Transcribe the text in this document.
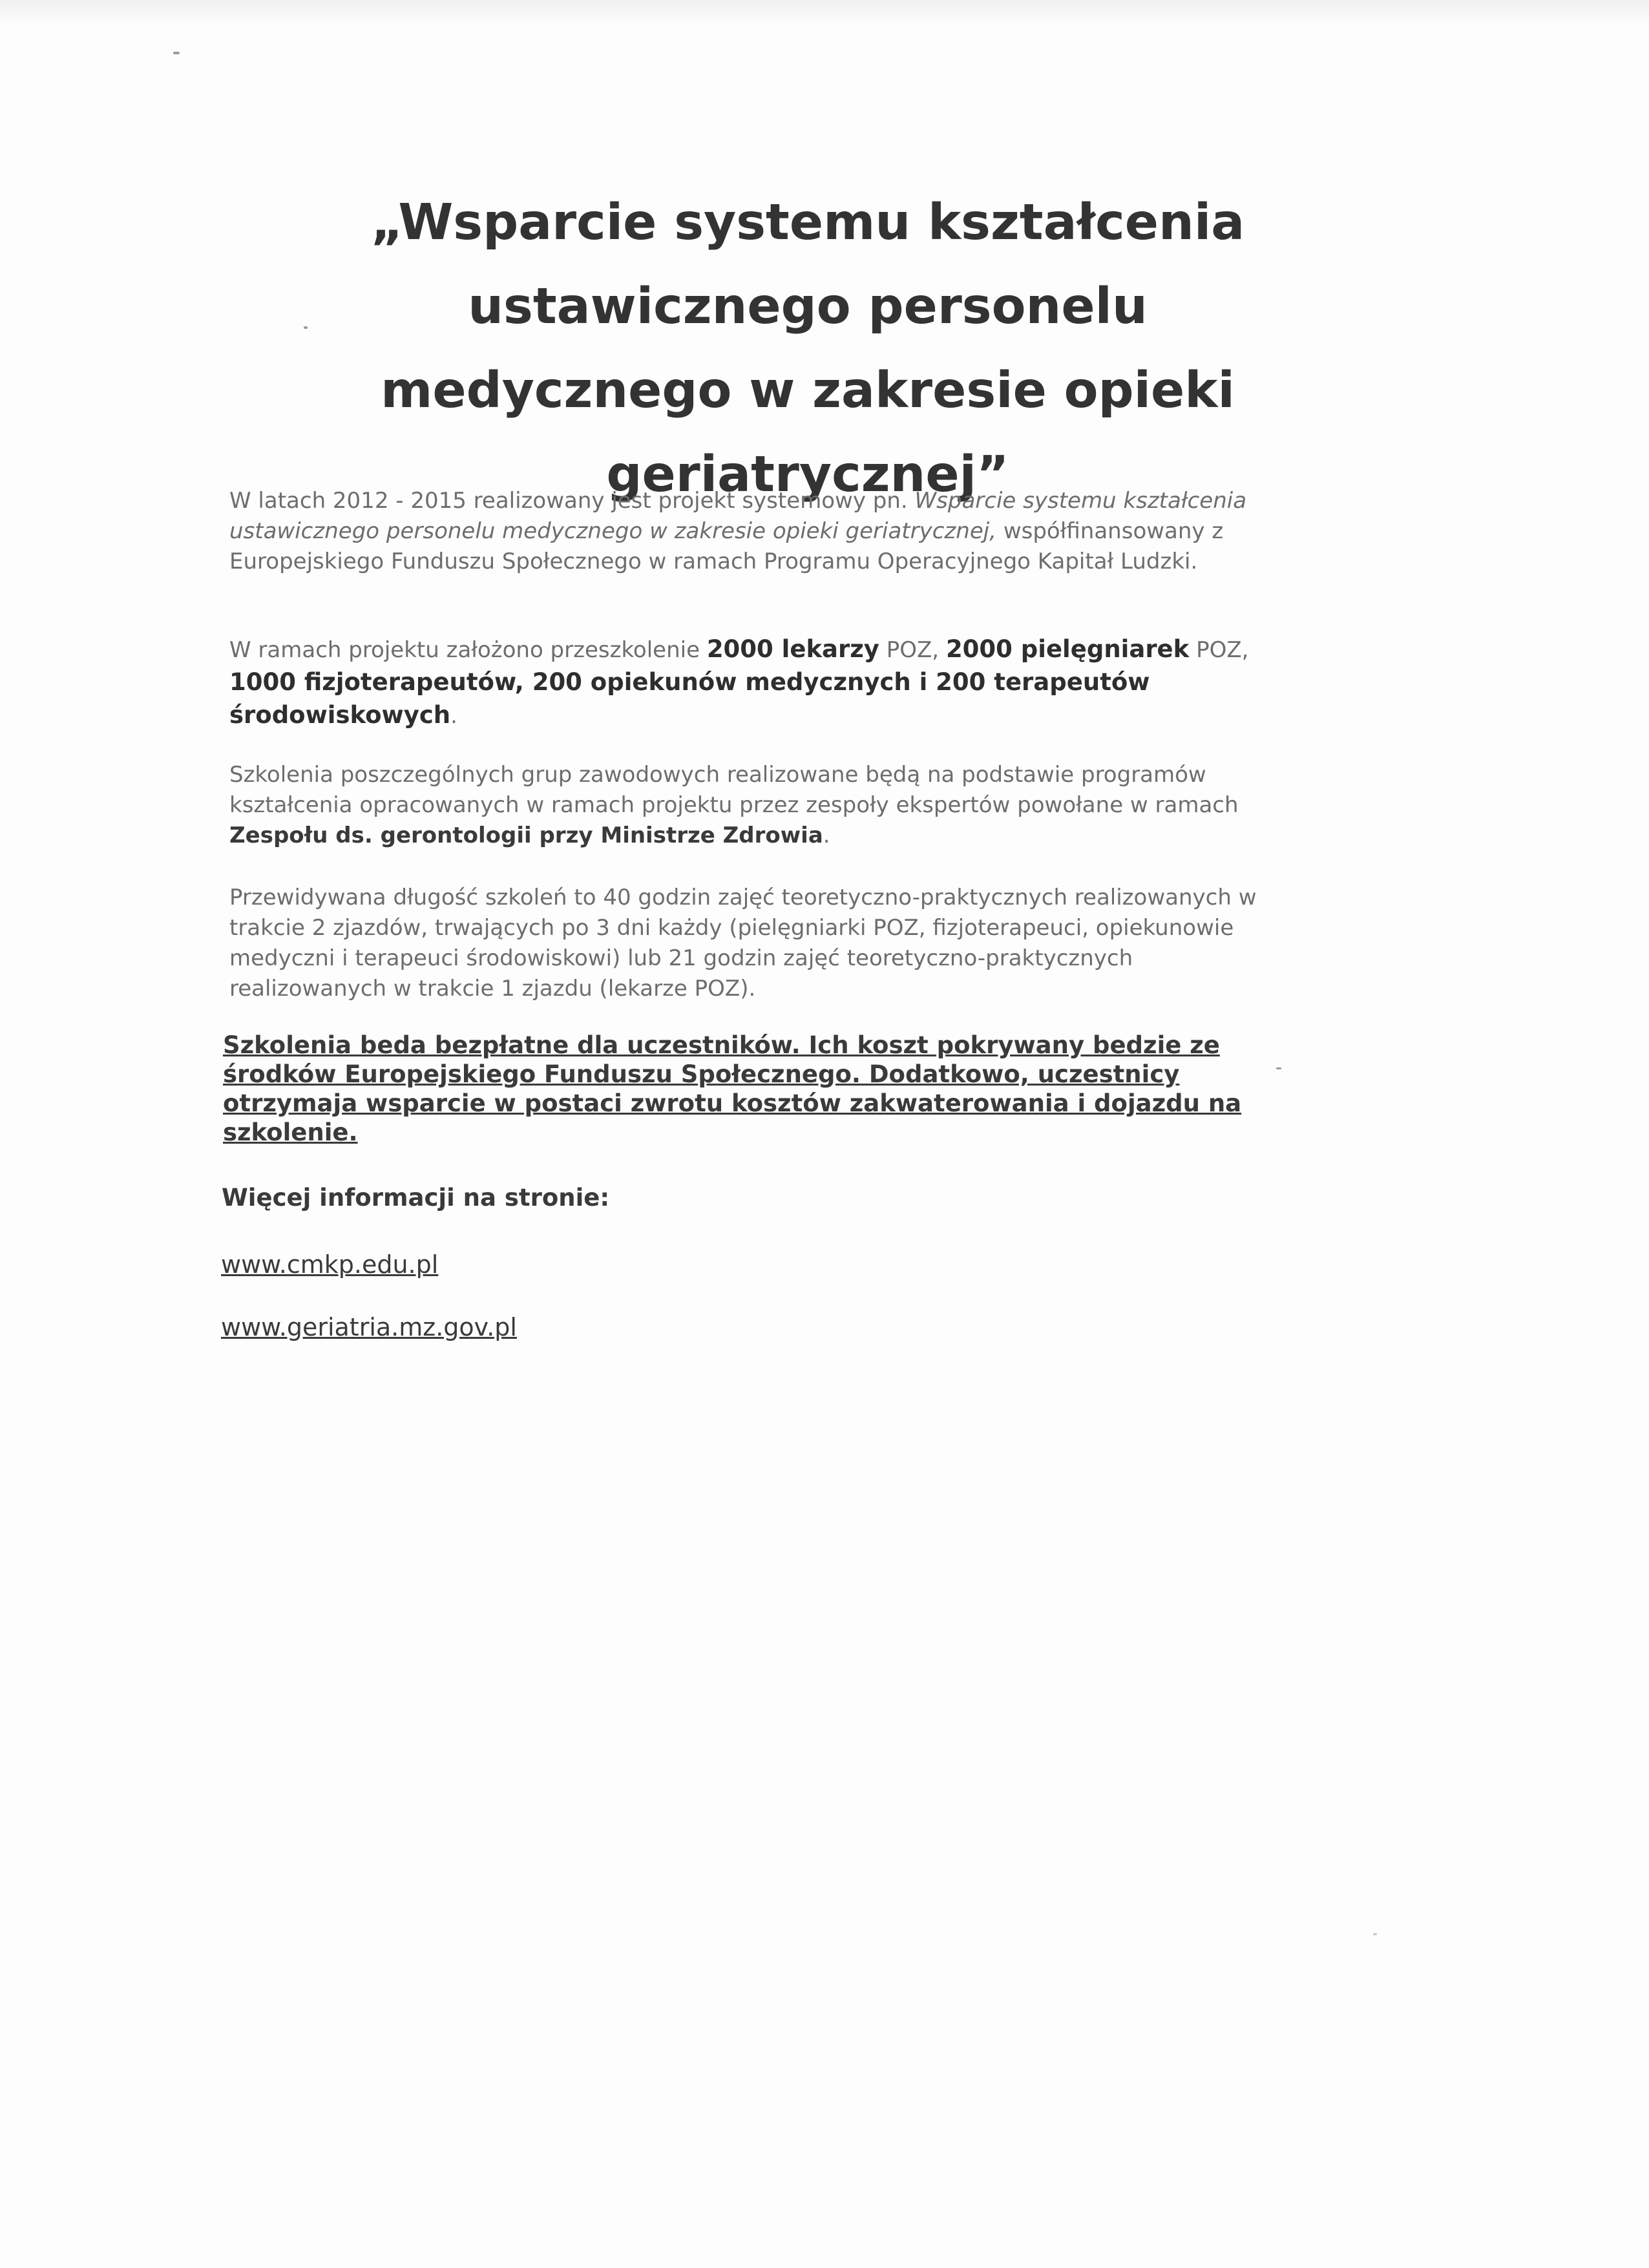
„Wsparcie systemu kształcenia
ustawicznego personelu
medycznego w zakresie opieki
geriatrycznej”

W latach 2012 - 2015 realizowany jest projekt systemowy pn. Wsparcie systemu kształcenia ustawicznego personelu medycznego w zakresie opieki geriatrycznej, współfinansowany z Europejskiego Funduszu Społecznego w ramach Programu Operacyjnego Kapitał Ludzki.

W ramach projektu założono przeszkolenie 2000 lekarzy POZ, 2000 pielęgniarek POZ, 1000 fizjoterapeutów, 200 opiekunów medycznych i 200 terapeutów środowiskowych.

Szkolenia poszczególnych grup zawodowych realizowane będą na podstawie programów kształcenia opracowanych w ramach projektu przez zespoły ekspertów powołane w ramach Zespołu ds. gerontologii przy Ministrze Zdrowia.

Przewidywana długość szkoleń to 40 godzin zajęć teoretyczno-praktycznych realizowanych w trakcie 2 zjazdów, trwających po 3 dni każdy (pielęgniarki POZ, fizjoterapeuci, opiekunowie medyczni i terapeuci środowiskowi) lub 21 godzin zajęć teoretyczno-praktycznych realizowanych w trakcie 1 zjazdu (lekarze POZ).

Szkolenia beda bezpłatne dla uczestników. Ich koszt pokrywany bedzie ze środków Europejskiego Funduszu Społecznego. Dodatkowo, uczestnicy otrzymaja wsparcie w postaci zwrotu kosztów zakwaterowania i dojazdu na szkolenie.

Więcej informacji na stronie:

www.cmkp.edu.pl

www.geriatria.mz.gov.pl
